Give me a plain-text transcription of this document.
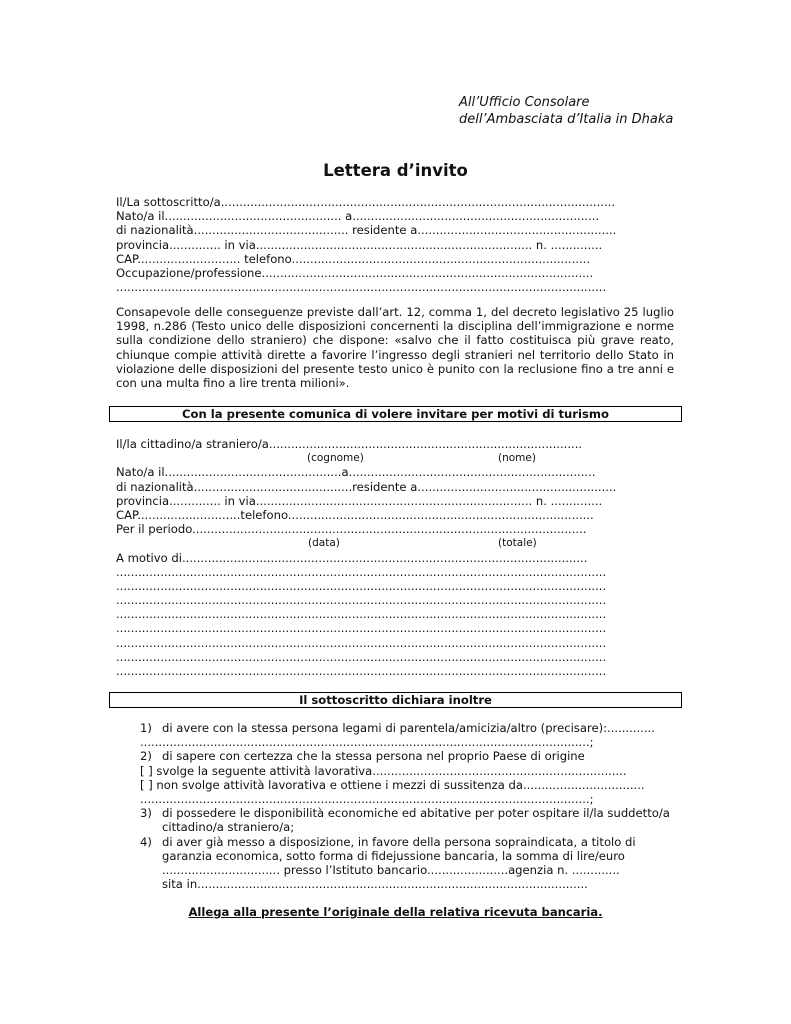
All’Ufficio Consolare
dell’Ambasciata d’Italia in Dhaka
Lettera d’invito
Il/La sottoscritto/a...........................................................................................................
Nato/a il................................................ a...................................................................
di nazionalità.......................................... residente a......................................................
provincia.............. in via........................................................................... n. ..............
CAP............................ telefono.................................................................................
Occupazione/professione..........................................................................................
.....................................................................................................................................
Consapevole delle conseguenze previste dall’art. 12, comma 1, del decreto legislativo 25 luglio 1998, n.286 (Testo unico delle disposizioni concernenti la disciplina dell’immigrazione e norme sulla condizione dello straniero) che dispone: «salvo che il fatto costituisca più grave reato, chiunque compie attività dirette a favorire l’ingresso degli stranieri nel territorio dello Stato in violazione delle disposizioni del presente testo unico è punito con la reclusione fino a tre anni e con una multa fino a lire trenta milioni».
Con la presente comunica di volere invitare per motivi di turismo
Il/la cittadino/a straniero/a.....................................................................................
(cognome)	(nome)
Nato/a il................................................a...................................................................
di nazionalità...........................................residente a......................................................
provincia.............. in via........................................................................... n. ..............
CAP............................telefono...................................................................................
Per il periodo...........................................................................................................
(data)	(totale)
A motivo di..............................................................................................................
.....................................................................................................................................
.....................................................................................................................................
.....................................................................................................................................
.....................................................................................................................................
.....................................................................................................................................
.....................................................................................................................................
.....................................................................................................................................
.....................................................................................................................................
Il sottoscritto dichiara inoltre
1) di avere con la stessa persona legami di parentela/amicizia/altro (precisare):.............
..........................................................................................................................;
2) di sapere con certezza che la stessa persona nel proprio Paese di origine
[ ] svolge la seguente attività lavorativa.....................................................................
[ ] non svolge attività lavorativa e ottiene i mezzi di sussitenza da.................................
..........................................................................................................................;
3) di possedere le disponibilità economiche ed abitative per poter ospitare il/la suddetto/a
cittadino/a straniero/a;
4) di aver già messo a disposizione, in favore della persona sopraindicata, a titolo di
garanzia economica, sotto forma di fidejussione bancaria, la somma di lire/euro
................................ presso l’Istituto bancario......................agenzia n. .............
sita in..........................................................................................................
Allega alla presente l’originale della relativa ricevuta bancaria.
